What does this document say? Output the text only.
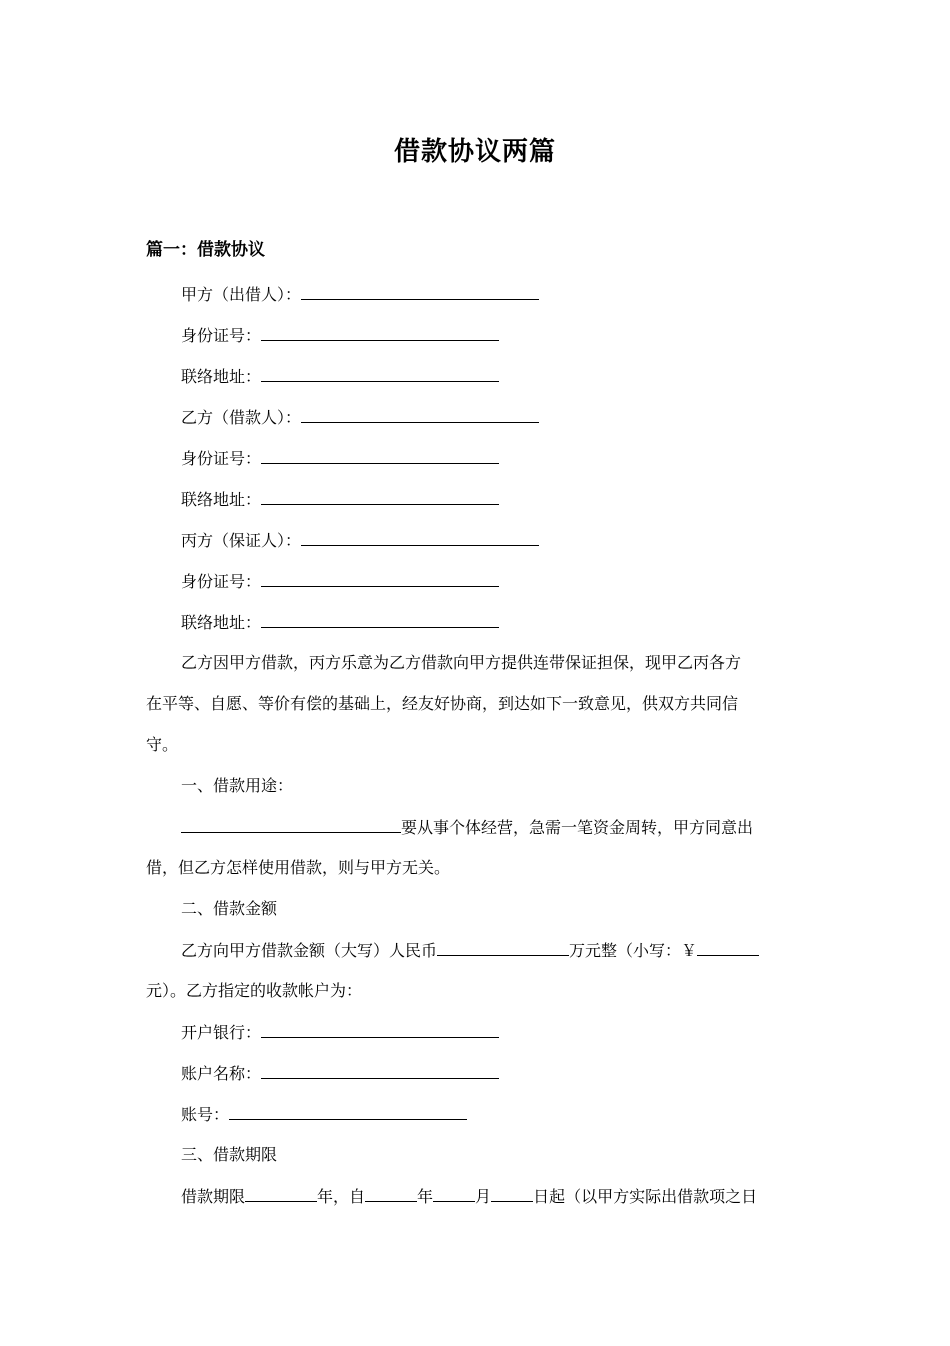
借款协议两篇
篇一：借款协议
甲方（出借人）：
身份证号：
联络地址：
乙方（借款人）：
身份证号：
联络地址：
丙方（保证人）：
身份证号：
联络地址：
乙方因甲方借款，丙方乐意为乙方借款向甲方提供连带保证担保，现甲乙丙各方
在平等、自愿、等价有偿的基础上，经友好协商，到达如下一致意见，供双方共同信
守。
一、借款用途：
要从事个体经营，急需一笔资金周转，甲方同意出
借，但乙方怎样使用借款，则与甲方无关。
二、借款金额
乙方向甲方借款金额（大写）人民币	万元整（小写：￥
元）。乙方指定的收款帐户为：
开户银行：
账户名称：
账号：
三、借款期限
借款期限	年，自	年	月	日起（以甲方实际出借款项之日
